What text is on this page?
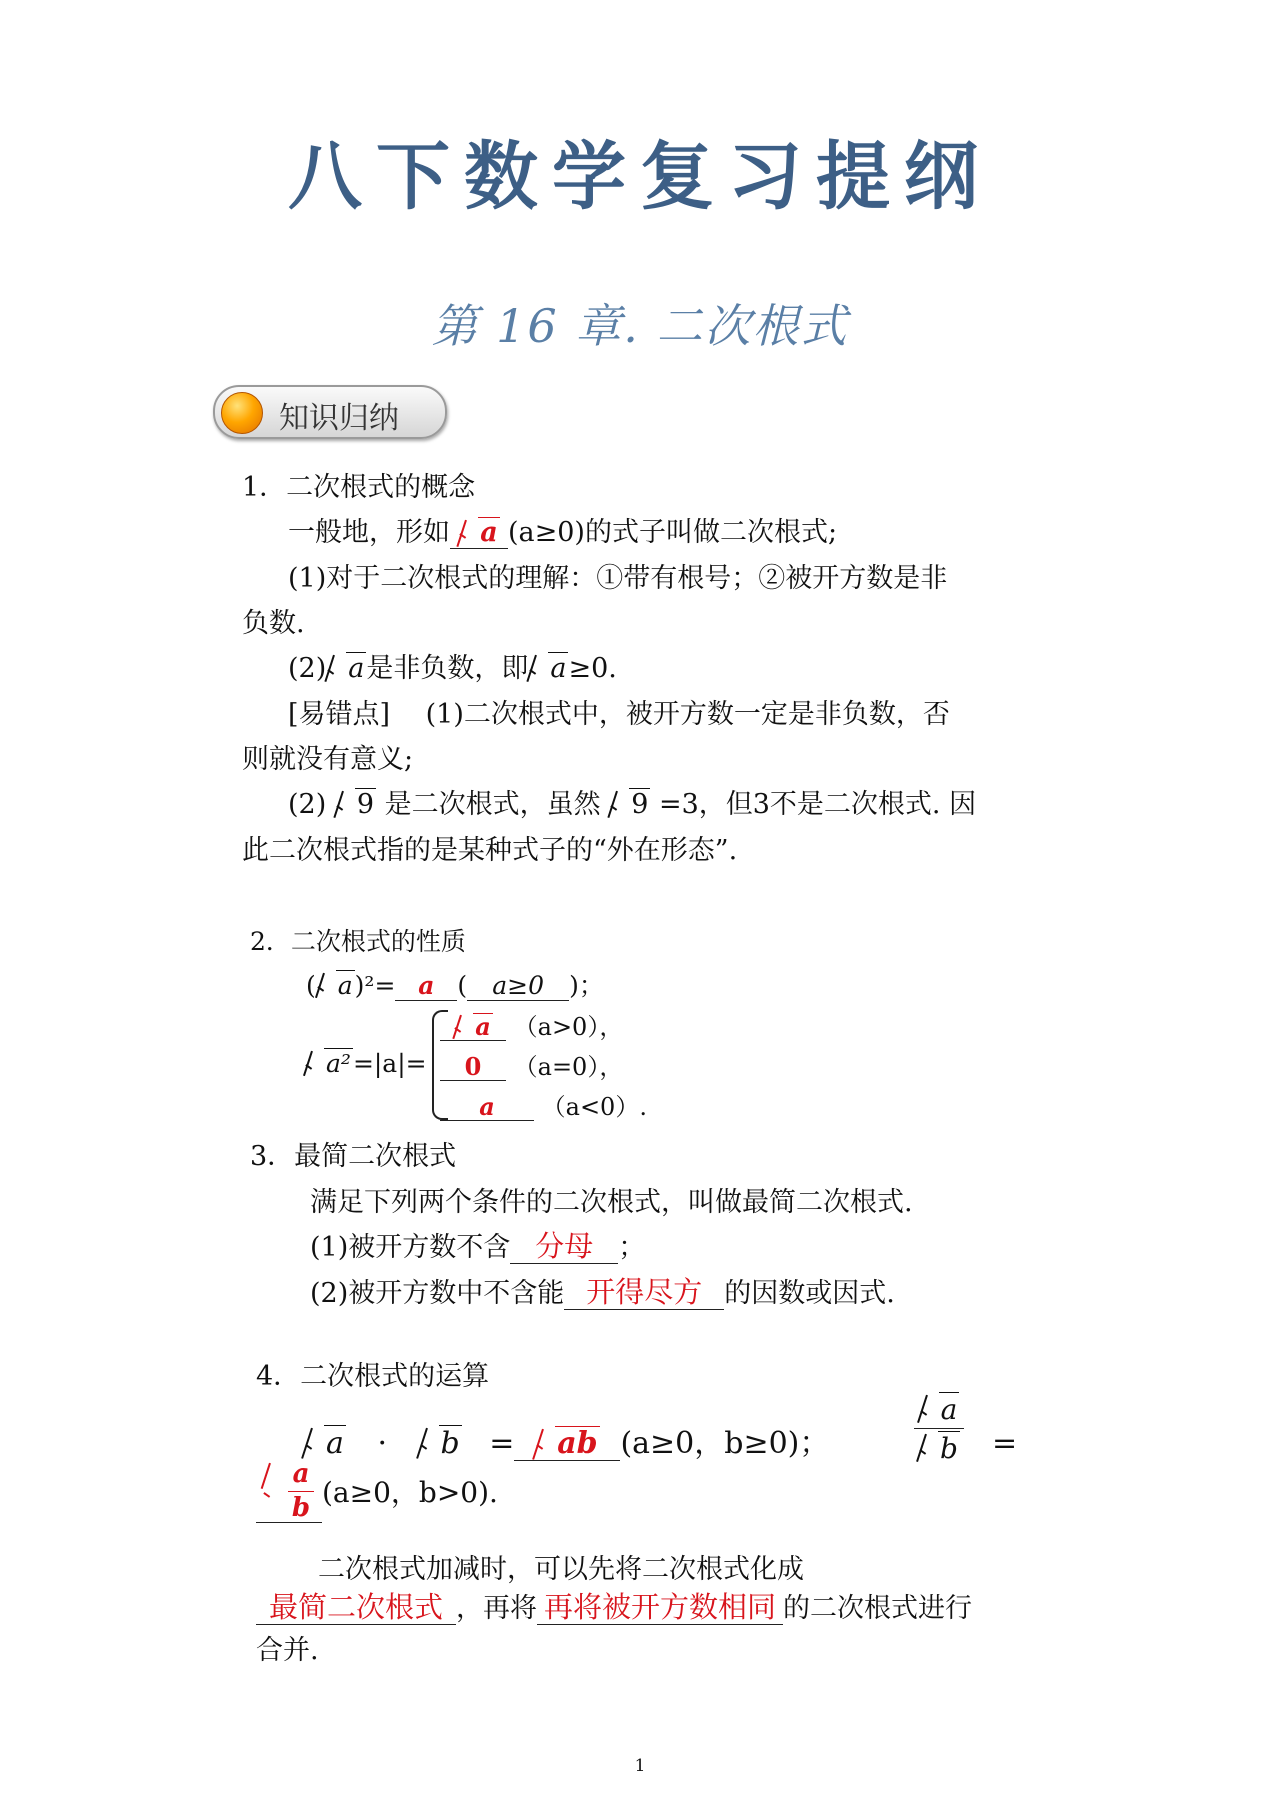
八下数学复习提纲
第 16 章. 二次根式
知识归纳
1．二次根式的概念
一般地，形如 a (a≥0)的式子叫做二次根式;
(1)对于二次根式的理解：①带有根号；②被开方数是非
负数.
(2) a是非负数，即 a≥0.
[易错点]　 (1)二次根式中，被开方数一定是非负数，否
则就没有意义;
(2) 9 是二次根式，虽然 9 =3，但3不是二次根式. 因
此二次根式指的是某种式子的“外在形态”.
2．二次根式的性质
( a)²= a ( a≥0 )；
a²=|a|=
a （a>0），
0 （a=0），
a （a<0）.
3．最简二次根式
满足下列两个条件的二次根式，叫做最简二次根式.
(1)被开方数不含 分母 ；
(2)被开方数中不含能 开得尽方 的因数或因式.
4．二次根式的运算
a · b = ab (a≥0，b≥0)；	$\frac{a}{b}$ =
$\frac{a}{b} (a\ge 0$，b>0).
二次根式加减时，可以先将二次根式化成
最简二次根式 ，再将 再将被开方数相同 的二次根式进行
合并.
1
